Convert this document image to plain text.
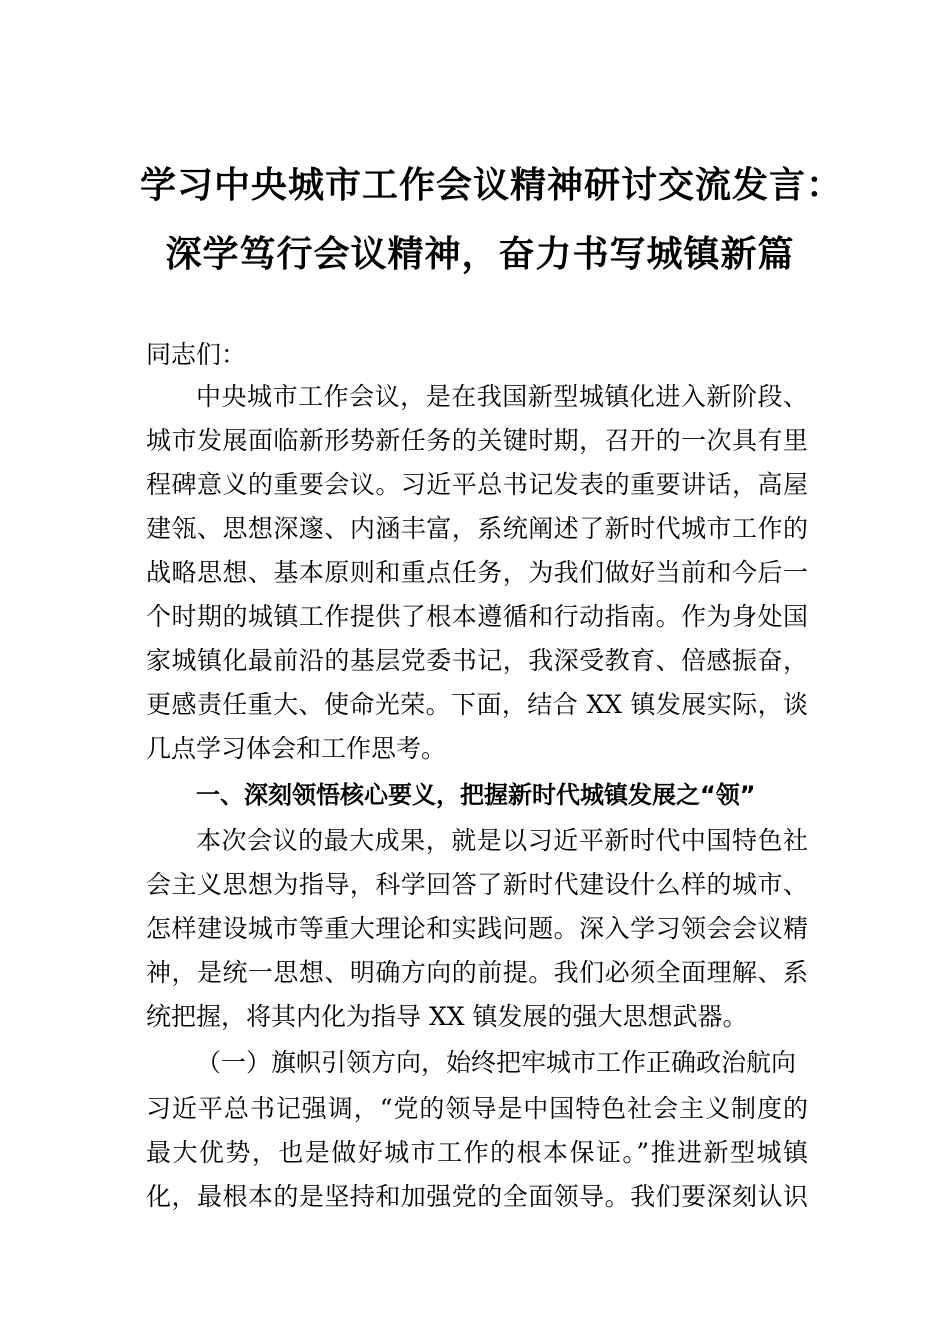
学习中央城市工作会议精神研讨交流发言：
深学笃行会议精神，奋力书写城镇新篇
同志们：
中央城市工作会议，是在我国新型城镇化进入新阶段、
城市发展面临新形势新任务的关键时期，召开的一次具有里
程碑意义的重要会议。习近平总书记发表的重要讲话，高屋
建瓴、思想深邃、内涵丰富，系统阐述了新时代城市工作的
战略思想、基本原则和重点任务，为我们做好当前和今后一
个时期的城镇工作提供了根本遵循和行动指南。作为身处国
家城镇化最前沿的基层党委书记，我深受教育、倍感振奋，
更感责任重大、使命光荣。下面，结合 XX 镇发展实际，谈
几点学习体会和工作思考。
一、深刻领悟核心要义，把握新时代城镇发展之“领”
本次会议的最大成果，就是以习近平新时代中国特色社
会主义思想为指导，科学回答了新时代建设什么样的城市、
怎样建设城市等重大理论和实践问题。深入学习领会会议精
神，是统一思想、明确方向的前提。我们必须全面理解、系
统把握，将其内化为指导 XX 镇发展的强大思想武器。
（一）旗帜引领方向，始终把牢城市工作正确政治航向
习近平总书记强调，“党的领导是中国特色社会主义制度的
最大优势，也是做好城市工作的根本保证。”推进新型城镇
化，最根本的是坚持和加强党的全面领导。我们要深刻认识
